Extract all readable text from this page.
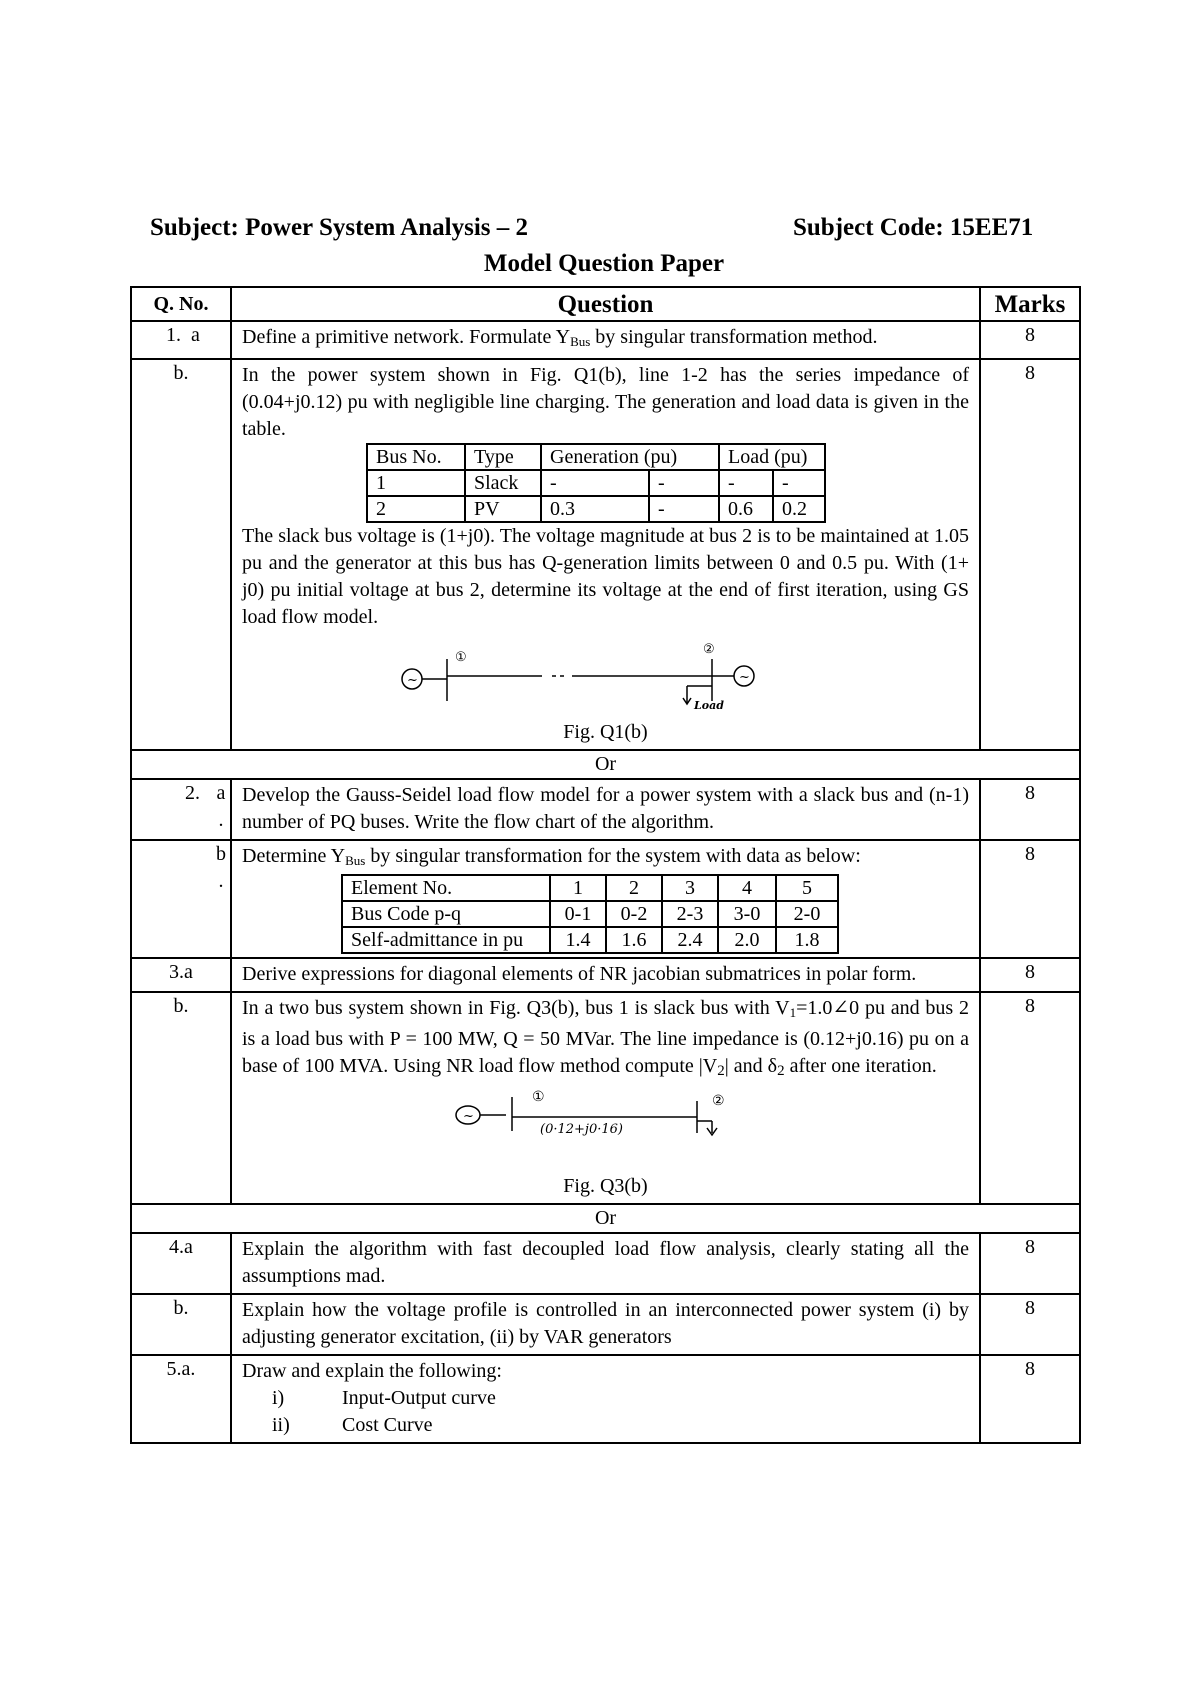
Subject: Power System Analysis – 2	Subject Code: 15EE71
Model Question Paper
Q. No.	Question	Marks

1. a	Define a primitive network. Formulate $Y_{Bus}$ by singular transformation method.	8
b.	In the power system shown in Fig. Q1(b), line 1-2 has the series impedance of (0.04+j0.12) pu with negligible line charging. The generation and load data is given in the table.
Bus No.	Type	Generation (pu)	Load (pu)
1	Slack	-	-	-	-
2	PV	0.3	-	0.6	0.2
The slack bus voltage is (1+j0). The voltage magnitude at bus 2 is to be maintained at 1.05 pu and the generator at this bus has Q-generation limits between 0 and 0.5 pu. With (1+ j0) pu initial voltage at bus 2, determine its voltage at the end of first iteration, using GS load flow model.
①
②
~	~
Load
Fig. Q1(b)
	8
Or

2. a
.
	Develop the Gauss-Seidel load flow model for a power system with a slack bus and (n-1) number of PQ buses. Write the flow chart of the algorithm.	8

b
.

Determine $Y_{Bus}$ by singular transformation for the system with data as below:
Element No.	1	2	3	4	5
Bus Code p-q	0-1	0-2	2-3	3-0	2-0
Self-admittance in pu	1.4	1.6	2.4	2.0	1.8
	8
3.a	Derive expressions for diagonal elements of NR jacobian submatrices in polar form.	8
b.	In a two bus system shown in Fig. Q3(b), bus 1 is slack bus with $V_1=1.0\angle 0$ pu and bus 2 is a load bus with P = 100 MW, Q = 50 MVar. The line impedance is (0.12+j0.16) pu on a base of 100 MVA. Using NR load flow method compute $|V_2|$ and $\delta_2$ after one iteration.
~
①	②
(0·12+j0·16)
Fig. Q3(b)
	8
Or
4.a	Explain the algorithm with fast decoupled load flow analysis, clearly stating all the assumptions mad.	8
b.	Explain how the voltage profile is controlled in an interconnected power system (i) by adjusting generator excitation, (ii) by VAR generators	8
5.a.	Draw and explain the following:
i)	Input-Output curve
ii)	Cost Curve
	8
